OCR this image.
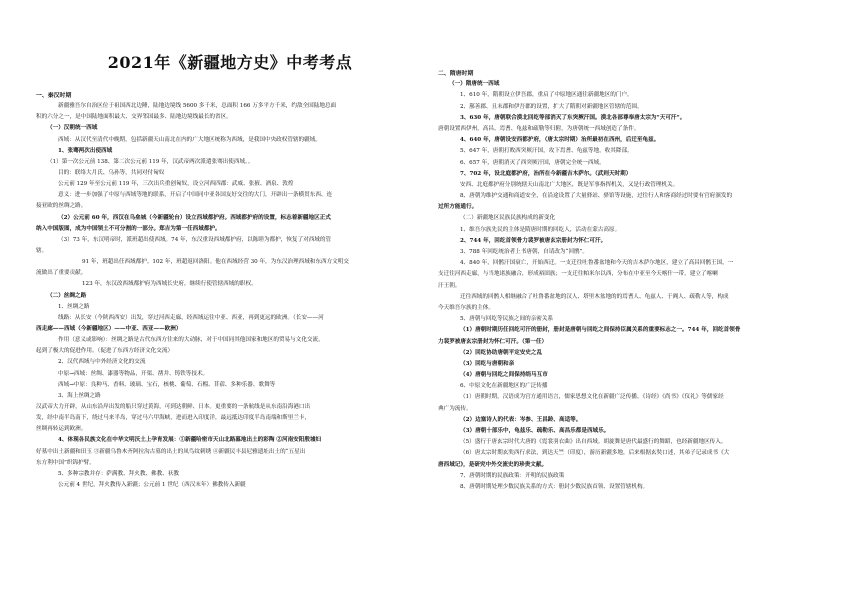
2021年《新疆地方史》中考考点
一、秦汉时期
新疆雅吾尔自治区位于祖国西北边陲，陆地边境线 5600 多千米，总面积 166 万多平方千米，约敌全国陆地总面
积的六分之一，是中国陆地面积最大、交界邻国最多、陆地边境线最长的省区。
（一）汉朝统一西域
西域：从汉代至清代中晚期，包括新疆天山南北在内的广大地区统称为西域，是我国中央政权管辖的疆域。
1、张骞两次出使西域
（1）第一次公元前 138、第二次公元前 119 年，汉武帝两次派遣张骞出使西域。。
目的：联络大月氏、乌孙等，共同对付匈奴
公元前 129 年至公元前 119 年，三次出兵重创匈奴，设立河西四郡：武威、张掖、酒泉、敦煌
意义：进一步加强了中原与西域等地的联系，开启了中国同中亚各国友好交往的大门，开辟出一条横贯东西、连
接亚欧的丝绸之路。
（2）公元前 60 年，西汉在乌垒城（今新疆轮台）设立西域都护府。西域都护府的设置，标志着新疆地区正式
纳入中国版图，成为中国领土不可分割的一部分。郑吉为第一任西域都护。
（3）73 年，东汉明帝时，派班超出使西域。74 年，东汉重设西域都护府，以陈睦为都护，恢复了对西域的管
辖。
91 年，班超出任西域都护。102 年，班超返回洛阳。他在西域经营 30 年，为东汉治理西域和东西方文明交
流做出了重要贡献。
123 年，东汉改西域都护府为西域长史府，继续行使管辖西域的职权。
（二）丝绸之路
1、丝绸之路
线路：从长安（今陕西西安）出发，穿过河西走廊，经西域运往中亚、西亚，再到更远的欧洲。（长安——河
西走廊——西域（今新疆地区）——中亚、西亚——欧洲）
作用（意义或影响）：丝绸之路是古代东西方往来的大动脉，对于中国同其他国家和地区的贸易与文化交流，
起到了极大的促进作用。（促进了东西方经济文化交流）
2、汉代西域与中外经济文化的交流
中原→西域：丝绸、漆器等物品，开渠、凿井、铸铁等技术。
西域→中原：良种马、香料、玻璃、宝石，核桃、葡萄、石榴、苜蓿、多种乐器、歌舞等
3、海上丝绸之路
汉武帝大力开辟，从山东沿岸出发的船只穿过黄海，可到达朝鲜、日本。更重要的一条航线是从东南沿海港口出
发，经中南半岛南下，绕过马来半岛，穿过马六甲海峡，进而进入印度洋，最远抵达印度半岛南端和斯里兰卡，
丝绸再转运到欧洲。
4、体现各民族文化在中华文明沃土上孕育发展：①新疆哈密市天山北路墓地出土的彩陶 ②河南安阳殷墟妇
好墓中出土新疆和田玉 ③新疆乌鲁木齐阿拉沟古墓的出土的凤鸟纹刺绣 ④新疆民丰县尼雅遗址出土的“五星出
东方利中国”织锦护臂。
5、多种宗教并存：萨满教、拜火教、佛教、祆教
公元前 4 世纪，拜火教传入新疆；公元前 1 世纪（西汉末年）佛教传入新疆
二、隋唐时期
（一）隋唐统一西域
1、610 年，隋朝设立伊吾郡，重启了中原地区通往新疆地区的门户。
2、鄯善郡、且末郡和伊吾郡的设置，扩大了隋朝对新疆地区管辖的范围。
3、630 年，唐朝联合漠北回纥等部消灭了东突厥汗国。漠北各部尊奉唐太宗为“天可汗”。
唐朝设置西伊州，高昌、焉耆、龟兹和疏勒等归附，为唐朝统一西域创造了条件。
4、640 年，唐朝设安西都护府，（唐太宗时期）治所最初在西州，后迁至龟兹。
5、647 年，唐朝打败西突厥汗国，攻下焉耆、龟兹等地，收其降部。
6、657 年，唐朝消灭了西突厥汗国，唐朝完全统一西域。
7、702 年，设北庭都护府，治所在今新疆吉木萨尔。（武则天时期）
安西、北庭都护府分别统辖天山南北广大地区，既是军事指挥机关，又是行政管理机关。
8、唐朝为维护交通和商道安全，在沿途设置了大量驿站、驿馆等设施，过往行人和客商经过时要有官府颁发的
过所方能通行。
（二）新疆地区民族民族构成的新变化
1、维吾尔族先民的主体是隋唐时期的回纥人，活动在蒙古高原。
2、744 年，回纥首领骨力裴罗被唐玄宗册封为怀仁可汗。
3、788 年回纥统治者上书唐朝，自请改为“回鹘”。
4、840 年，回鹘汗国衰亡，开始西迁。一支迁往吐鲁番盆地和今天的吉木萨尔地区，建立了高昌回鹘王国，一
支迁往河西走廊，与当地诸族融合，形成裕固族；一支迁往帕米尔以西，分布在中亚至今天喀什一带，建立了喀喇
汗王朝。
迁往西域的回鹘人相继融合了吐鲁番盆地的汉人、塔里木盆地的的焉耆人、龟兹人、于阗人、疏勒人等，构成
今天维吾尔族的主体。
5、唐朝与回纥等民族之间的亲密关系
（1）唐朝时期历任回纥可汗的册封，册封是唐朝与回纥之间保持臣属关系的重要标志之一。744 年，回纥首领骨
力裴罗被唐玄宗册封为怀仁可汗。（第一任）
（2）回纥协助唐朝平定安史之乱
（3）回纥与唐朝和亲
（4）唐朝与回纥之间保持绢马互市
6、中原文化在新疆地区的广泛传播
（1）唐朝时期，汉语成为官方通用语言，儒家思想文化在新疆广泛传播。《诗经》《尚书》《仪礼》等儒家经
典广为流传。
（2）边塞诗人的代表：岑参、王昌龄、高适等。
（3）唐朝十部乐中，龟兹乐、疏勒乐、高昌乐都是西域乐。
（5）盛行于唐玄宗时代大唐的《霓裳羽衣曲》出自西域。胡旋舞是唐代最盛行的舞蹈，也经新疆地区传入。
（6）唐太宗时期玄奘西行求法，到达天竺（印度），游历新疆多地，后来根据玄奘口述，其弟子记录成书《大
唐西域记》，是研究中外交流史的珍贵文献。
7、唐朝时期的民族政策：开明的民族政策
8、唐朝时期处理少数民族关系的方式：册封少数民族首领、设置管辖机构。
